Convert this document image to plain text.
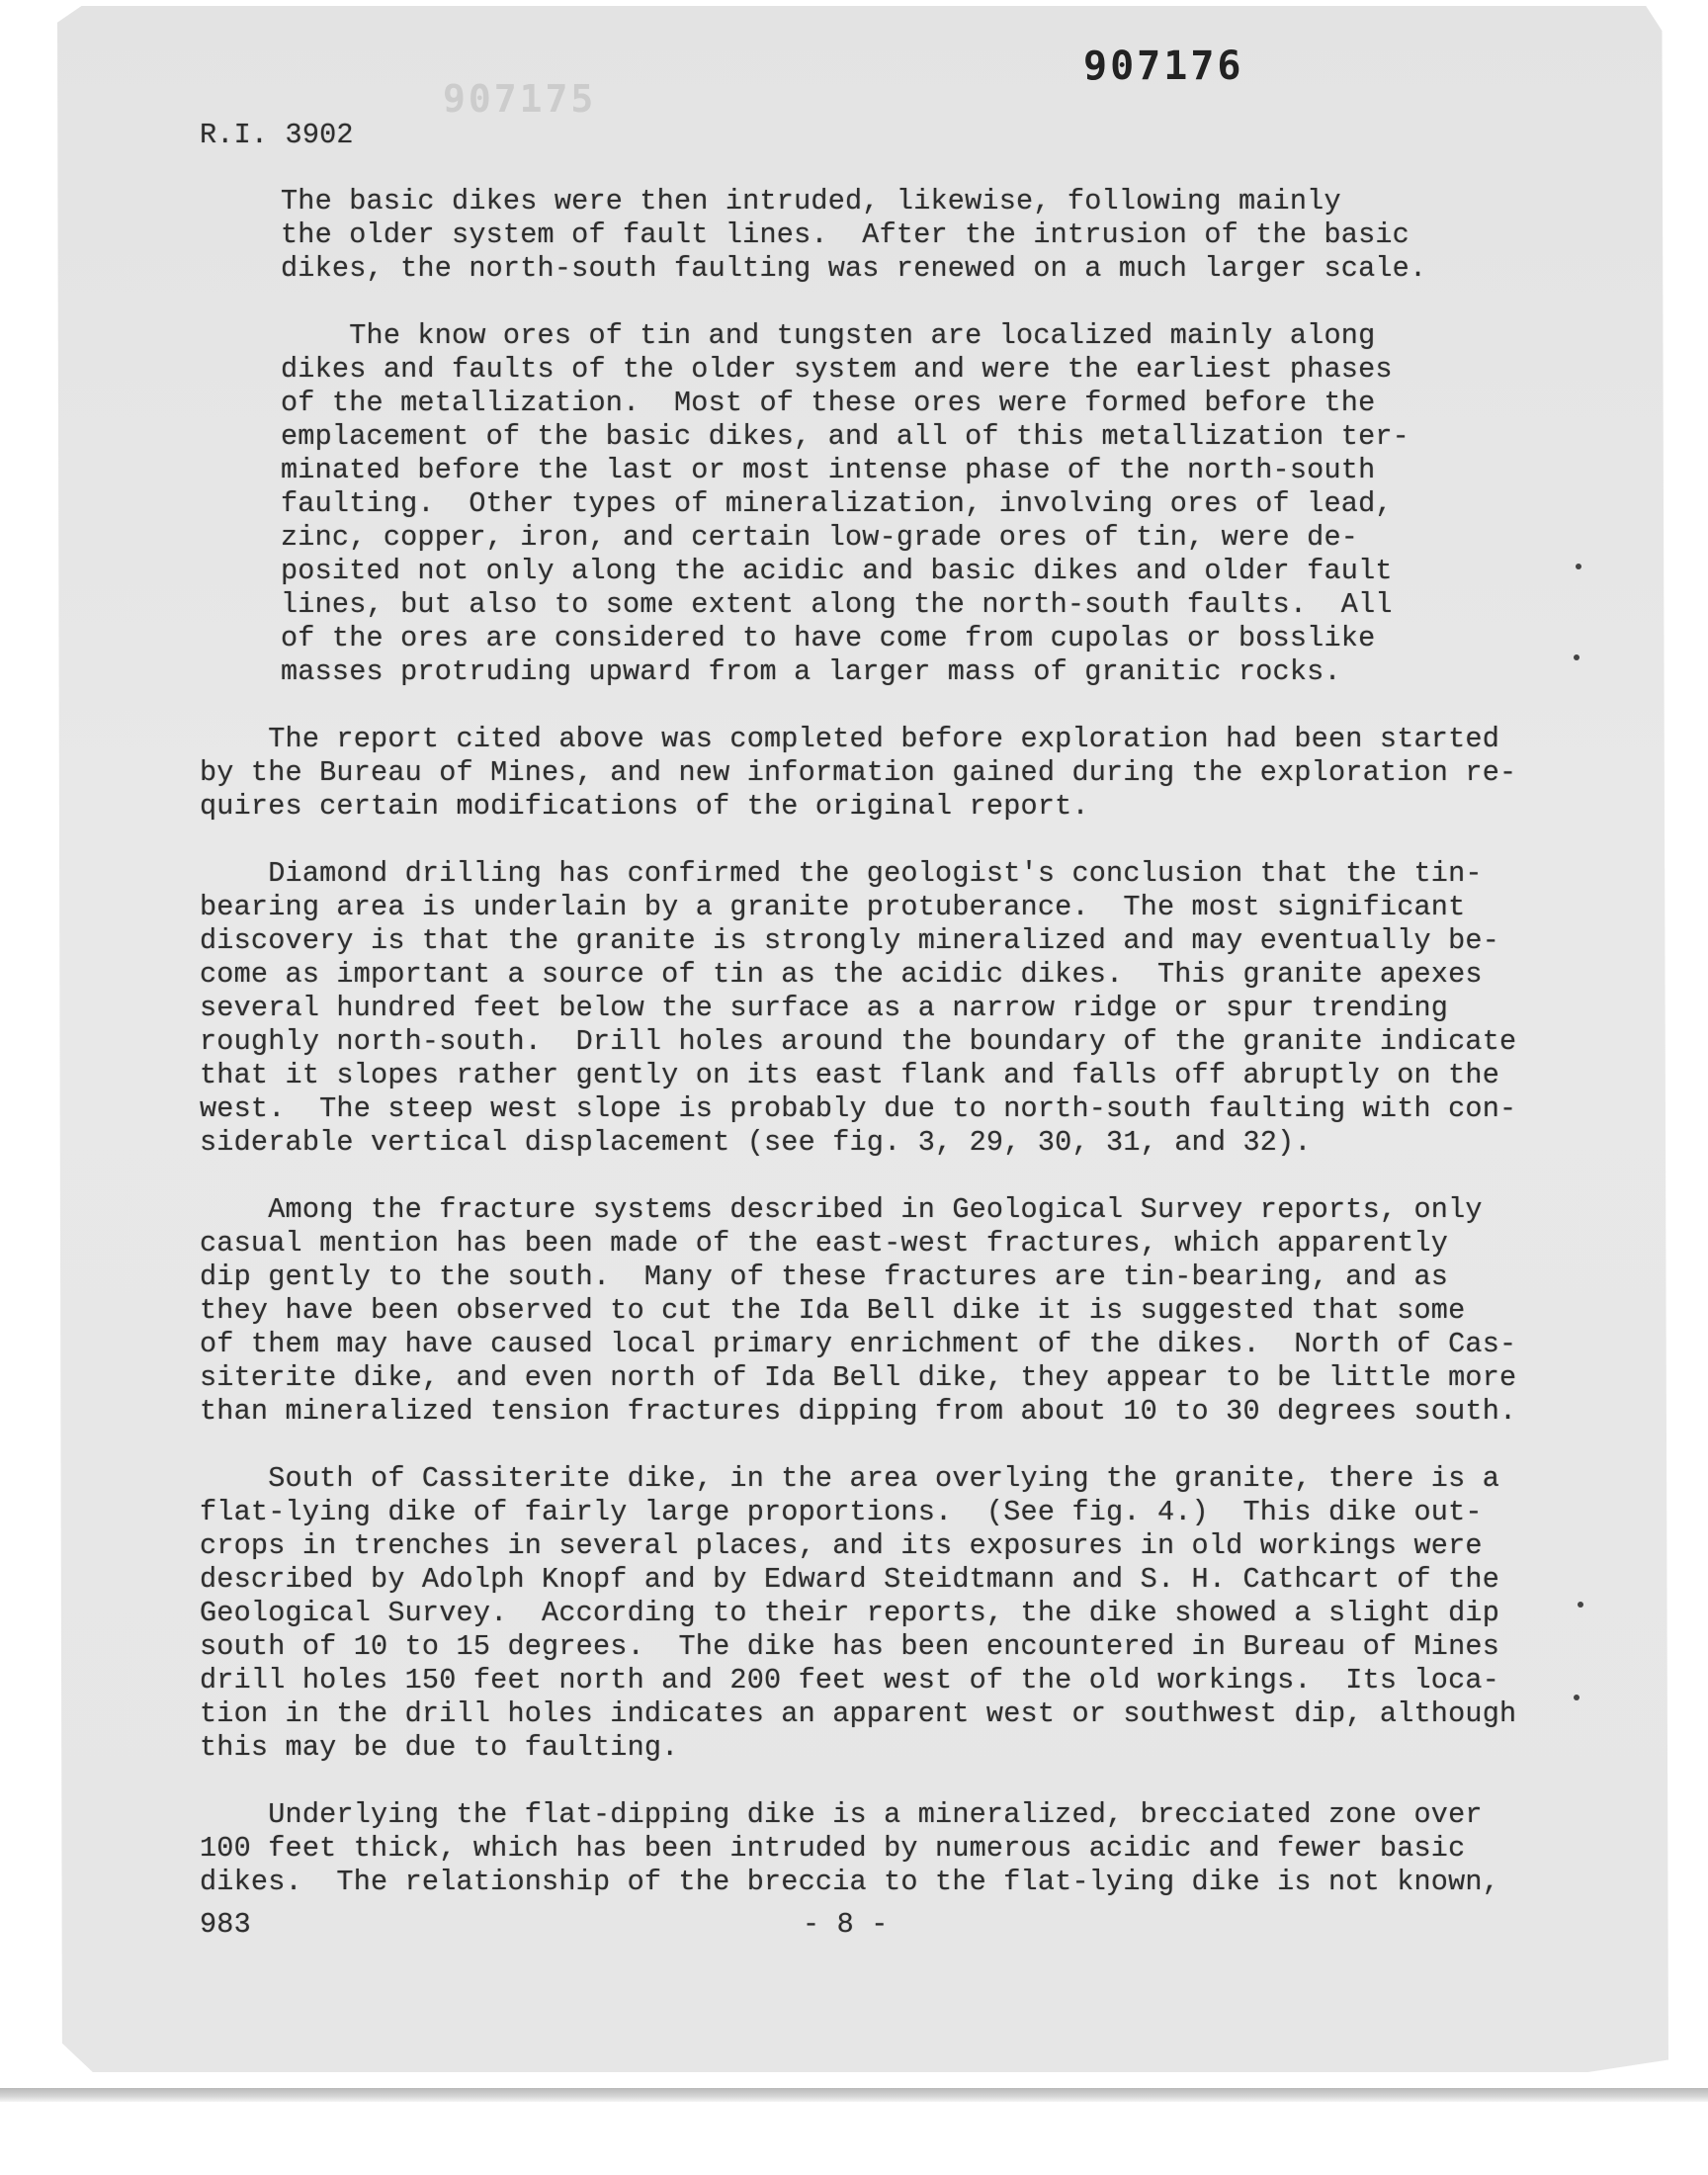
907175
907176
R.I. 3902
The basic dikes were then intruded, likewise, following mainly
the older system of fault lines.  After the intrusion of the basic
dikes, the north-south faulting was renewed on a much larger scale.
The know ores of tin and tungsten are localized mainly along
dikes and faults of the older system and were the earliest phases
of the metallization.  Most of these ores were formed before the
emplacement of the basic dikes, and all of this metallization ter-
minated before the last or most intense phase of the north-south
faulting.  Other types of mineralization, involving ores of lead,
zinc, copper, iron, and certain low-grade ores of tin, were de-
posited not only along the acidic and basic dikes and older fault
lines, but also to some extent along the north-south faults.  All
of the ores are considered to have come from cupolas or bosslike
masses protruding upward from a larger mass of granitic rocks.
The report cited above was completed before exploration had been started
by the Bureau of Mines, and new information gained during the exploration re-
quires certain modifications of the original report.
Diamond drilling has confirmed the geologist's conclusion that the tin-
bearing area is underlain by a granite protuberance.  The most significant
discovery is that the granite is strongly mineralized and may eventually be-
come as important a source of tin as the acidic dikes.  This granite apexes
several hundred feet below the surface as a narrow ridge or spur trending
roughly north-south.  Drill holes around the boundary of the granite indicate
that it slopes rather gently on its east flank and falls off abruptly on the
west.  The steep west slope is probably due to north-south faulting with con-
siderable vertical displacement (see fig. 3, 29, 30, 31, and 32).
Among the fracture systems described in Geological Survey reports, only
casual mention has been made of the east-west fractures, which apparently
dip gently to the south.  Many of these fractures are tin-bearing, and as
they have been observed to cut the Ida Bell dike it is suggested that some
of them may have caused local primary enrichment of the dikes.  North of Cas-
siterite dike, and even north of Ida Bell dike, they appear to be little more
than mineralized tension fractures dipping from about 10 to 30 degrees south.
South of Cassiterite dike, in the area overlying the granite, there is a
flat-lying dike of fairly large proportions.  (See fig. 4.)  This dike out-
crops in trenches in several places, and its exposures in old workings were
described by Adolph Knopf and by Edward Steidtmann and S. H. Cathcart of the
Geological Survey.  According to their reports, the dike showed a slight dip
south of 10 to 15 degrees.  The dike has been encountered in Bureau of Mines
drill holes 150 feet north and 200 feet west of the old workings.  Its loca-
tion in the drill holes indicates an apparent west or southwest dip, although
this may be due to faulting.
Underlying the flat-dipping dike is a mineralized, brecciated zone over
100 feet thick, which has been intruded by numerous acidic and fewer basic
dikes.  The relationship of the breccia to the flat-lying dike is not known,
983	- 8 -
